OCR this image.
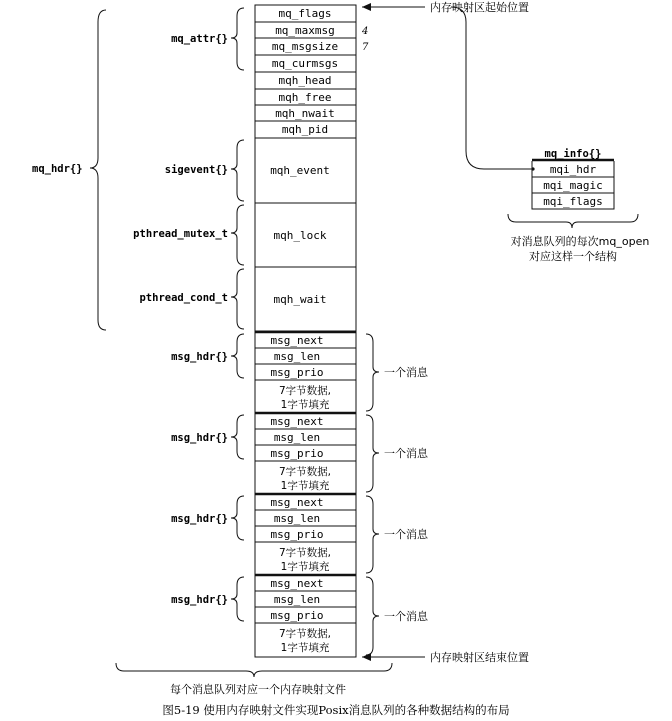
mq_flags
mq_maxmsg
mq_msgsize
mq_curmsgs
4
7
mqh_head
mqh_free
mqh_nwait
mqh_pid
mqh_event
mqh_lock
mqh_wait
msg_next
msg_len
msg_prio
7字节数据,
1字节填充
msg_next
msg_len
msg_prio
7字节数据,
1字节填充
msg_next
msg_len
msg_prio
7字节数据,
1字节填充
msg_next
msg_len
msg_prio
7字节数据,
1字节填充
mq_hdr{}
mq_attr{}
sigevent{}
pthread_mutex_t
pthread_cond_t
msg_hdr{}
msg_hdr{}
msg_hdr{}
msg_hdr{}
一个消息
一个消息
一个消息
一个消息
内存映射区起始位置
内存映射区结束位置
mq_info{}
mqi_hdr
mqi_magic
mqi_flags
对消息队列的每次mq_open
对应这样一个结构
每个消息队列对应一个内存映射文件
图5-19 使用内存映射文件实现Posix消息队列的各种数据结构的布局
